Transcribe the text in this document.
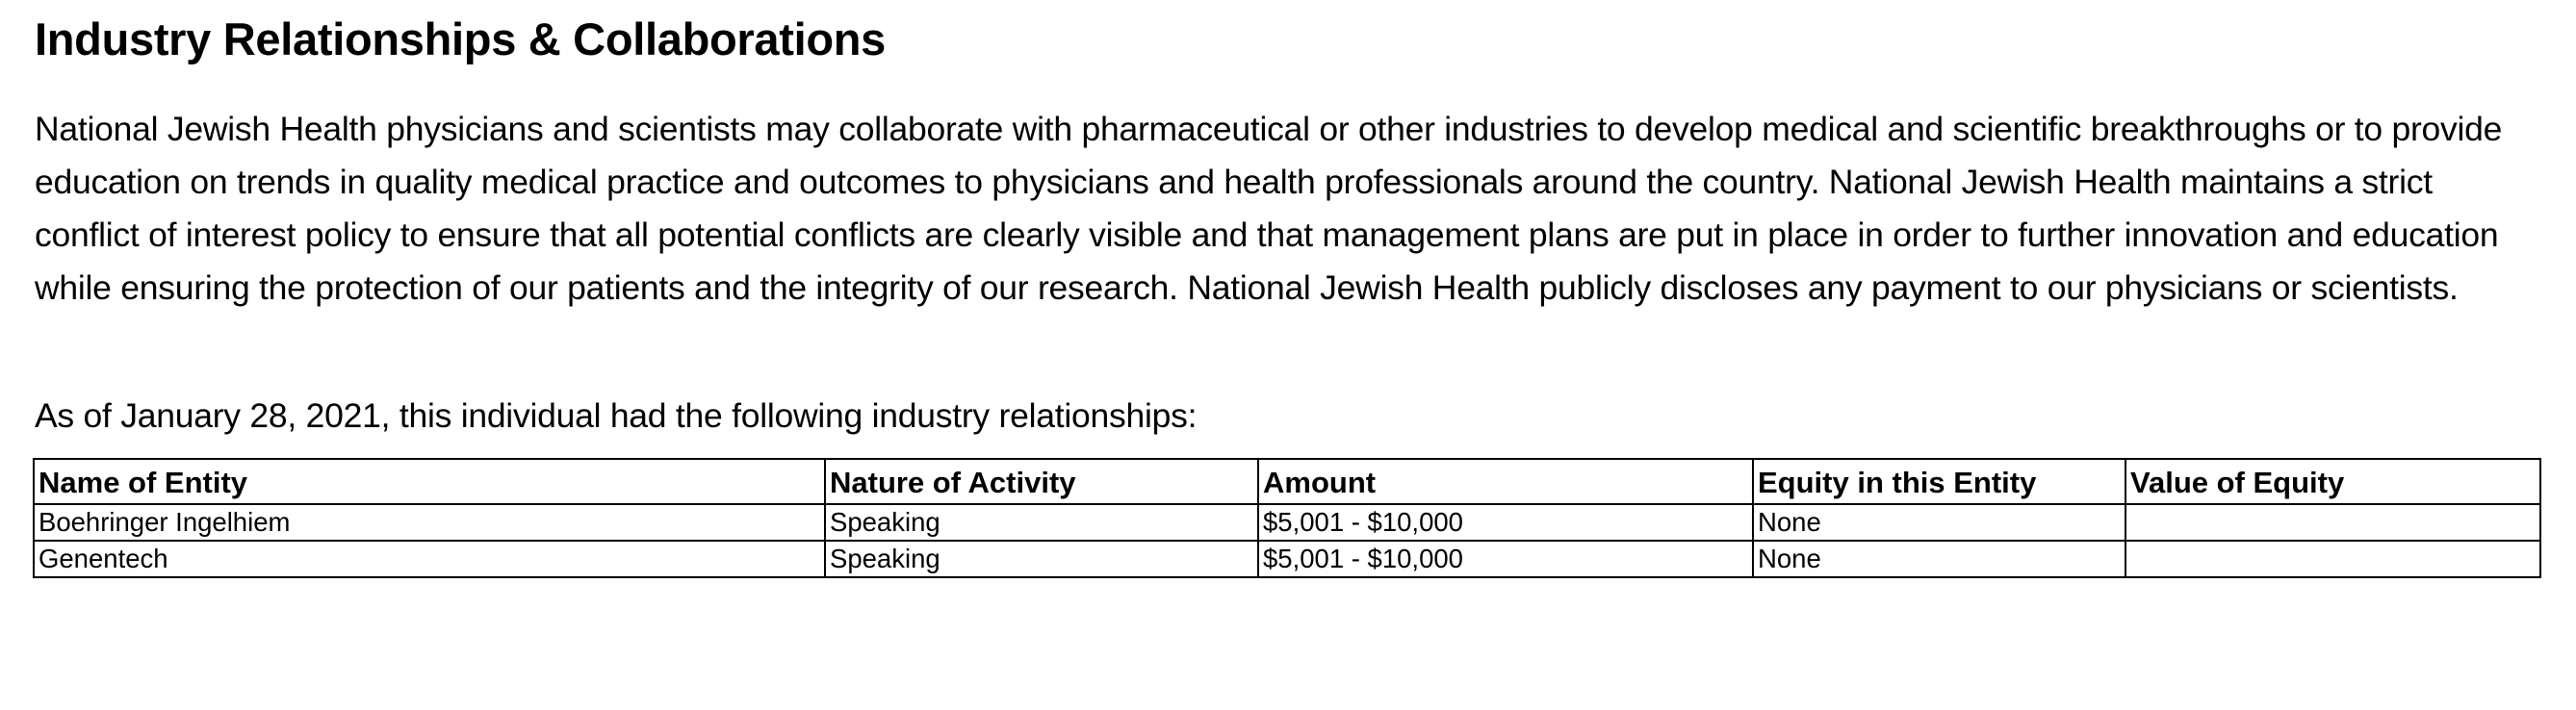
Industry Relationships & Collaborations

National Jewish Health physicians and scientists may collaborate with pharmaceutical or other industries to develop medical and scientific breakthroughs or to provide education on trends in quality medical practice and outcomes to physicians and health professionals around the country. National Jewish Health maintains a strict conflict of interest policy to ensure that all potential conflicts are clearly visible and that management plans are put in place in order to further innovation and education while ensuring the protection of our patients and the integrity of our research. National Jewish Health publicly discloses any payment to our physicians or scientists.

As of January 28, 2021, this individual had the following industry relationships:

Name of Entity	Nature of Activity	Amount	Equity in this Entity	Value of Equity
Boehringer Ingelhiem	Speaking	$5,001 - $10,000	None	
Genentech	Speaking	$5,001 - $10,000	None	
